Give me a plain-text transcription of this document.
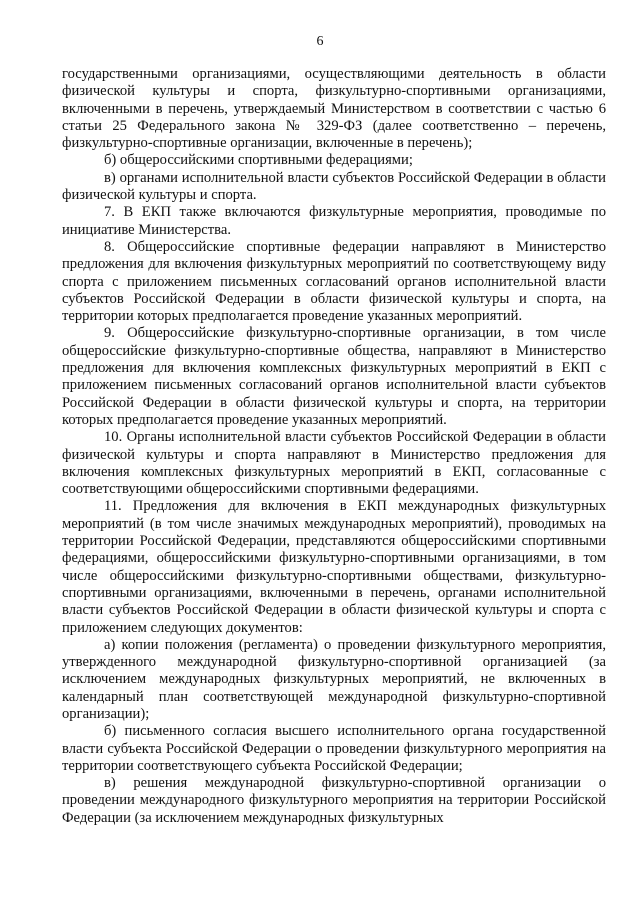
6

государственными организациями, осуществляющими деятельность в области физической культуры и спорта, физкультурно-спортивными организациями, включенными в перечень, утверждаемый Министерством в соответствии с частью 6 статьи 25 Федерального закона № 329-ФЗ (далее соответственно – перечень, физкультурно-спортивные организации, включенные в перечень);

б) общероссийскими спортивными федерациями;

в) органами исполнительной власти субъектов Российской Федерации в области физической культуры и спорта.

7. В ЕКП также включаются физкультурные мероприятия, проводимые по инициативе Министерства.

8. Общероссийские спортивные федерации направляют в Министерство предложения для включения физкультурных мероприятий по соответствующему виду спорта с приложением письменных согласований органов исполнительной власти субъектов Российской Федерации в области физической культуры и спорта, на территории которых предполагается проведение указанных мероприятий.

9. Общероссийские физкультурно-спортивные организации, в том числе общероссийские физкультурно-спортивные общества, направляют в Министерство предложения для включения комплексных физкультурных мероприятий в ЕКП с приложением письменных согласований органов исполнительной власти субъектов Российской Федерации в области физической культуры и спорта, на территории которых предполагается проведение указанных мероприятий.

10. Органы исполнительной власти субъектов Российской Федерации в области физической культуры и спорта направляют в Министерство предложения для включения комплексных физкультурных мероприятий в ЕКП, согласованные с соответствующими общероссийскими спортивными федерациями.

11. Предложения для включения в ЕКП международных физкультурных мероприятий (в том числе значимых международных мероприятий), проводимых на территории Российской Федерации, представляются общероссийскими спортивными федерациями, общероссийскими физкультурно-спортивными организациями, в том числе общероссийскими физкультурно-спортивными обществами, физкультурно-спортивными организациями, включенными в перечень, органами исполнительной власти субъектов Российской Федерации в области физической культуры и спорта с приложением следующих документов:

а) копии положения (регламента) о проведении физкультурного мероприятия, утвержденного международной физкультурно-спортивной организацией (за исключением международных физкультурных мероприятий, не включенных в календарный план соответствующей международной физкультурно-спортивной организации);

б) письменного согласия высшего исполнительного органа государственной власти субъекта Российской Федерации о проведении физкультурного мероприятия на территории соответствующего субъекта Российской Федерации;

в) решения международной физкультурно-спортивной организации о проведении международного физкультурного мероприятия на территории Российской Федерации (за исключением международных физкультурных
